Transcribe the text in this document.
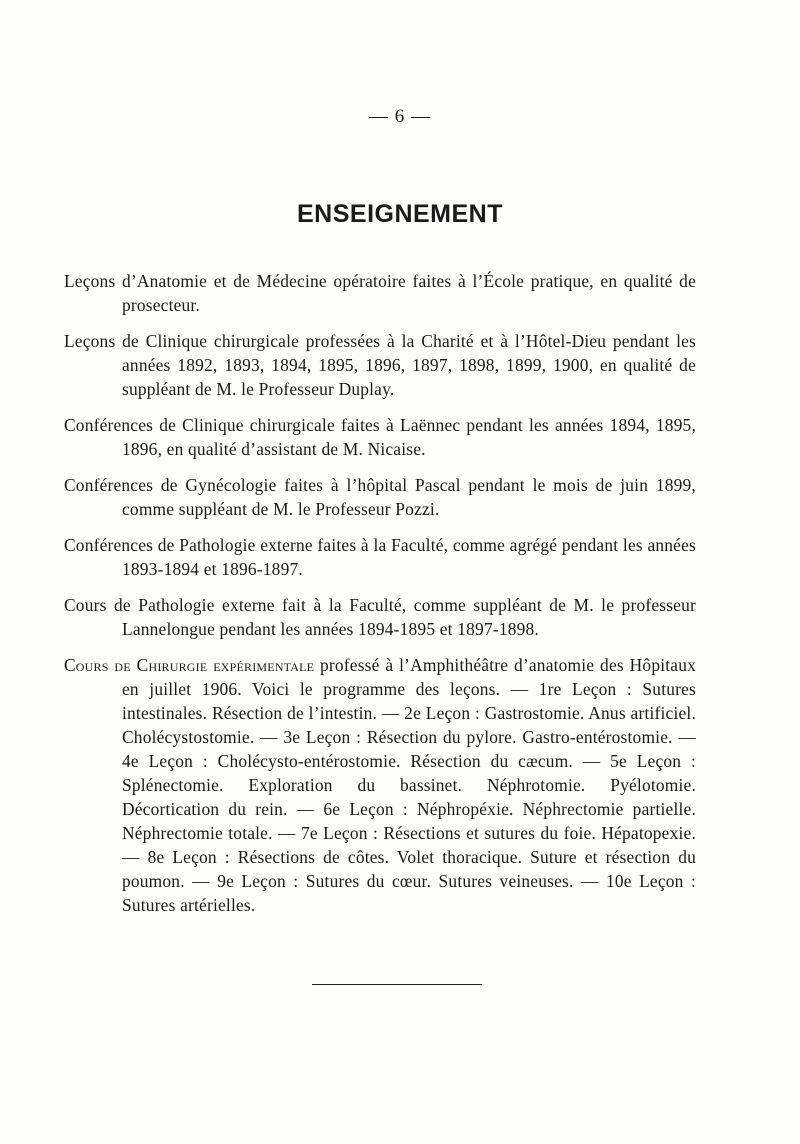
— 6 —
ENSEIGNEMENT

Leçons d’Anatomie et de Médecine opératoire faites à l’École pratique, en qualité de prosecteur.

Leçons de Clinique chirurgicale professées à la Charité et à l’Hôtel-Dieu pendant les années 1892, 1893, 1894, 1895, 1896, 1897, 1898, 1899, 1900, en qualité de suppléant de M. le Professeur Duplay.

Conférences de Clinique chirurgicale faites à Laënnec pendant les années 1894, 1895, 1896, en qualité d’assistant de M. Nicaise.

Conférences de Gynécologie faites à l’hôpital Pascal pendant le mois de juin 1899, comme suppléant de M. le Professeur Pozzi.

Conférences de Pathologie externe faites à la Faculté, comme agrégé pendant les années 1893-1894 et 1896-1897.

Cours de Pathologie externe fait à la Faculté, comme suppléant de M. le professeur Lannelongue pendant les années 1894-1895 et 1897-1898.

Cours de Chirurgie expérimentale professé à l’Amphithéâtre d’anatomie des Hôpitaux en juillet 1906. Voici le programme des leçons. — 1re Leçon : Sutures intestinales. Résection de l’intestin. — 2e Leçon : Gastrostomie. Anus artificiel. Cholécystostomie. — 3e Leçon : Résection du pylore. Gastro-entérostomie. — 4e Leçon : Cholécysto-entérostomie. Résection du cæcum. — 5e Leçon : Splénectomie. Exploration du bassinet. Néphrotomie. Pyélotomie. Décortication du rein. — 6e Leçon : Néphropéxie. Néphrectomie partielle. Néphrectomie totale. — 7e Leçon : Résections et sutures du foie. Hépatopexie. — 8e Leçon : Résections de côtes. Volet thoracique. Suture et résection du poumon. — 9e Leçon : Sutures du cœur. Sutures veineuses. — 10e Leçon : Sutures artérielles.
